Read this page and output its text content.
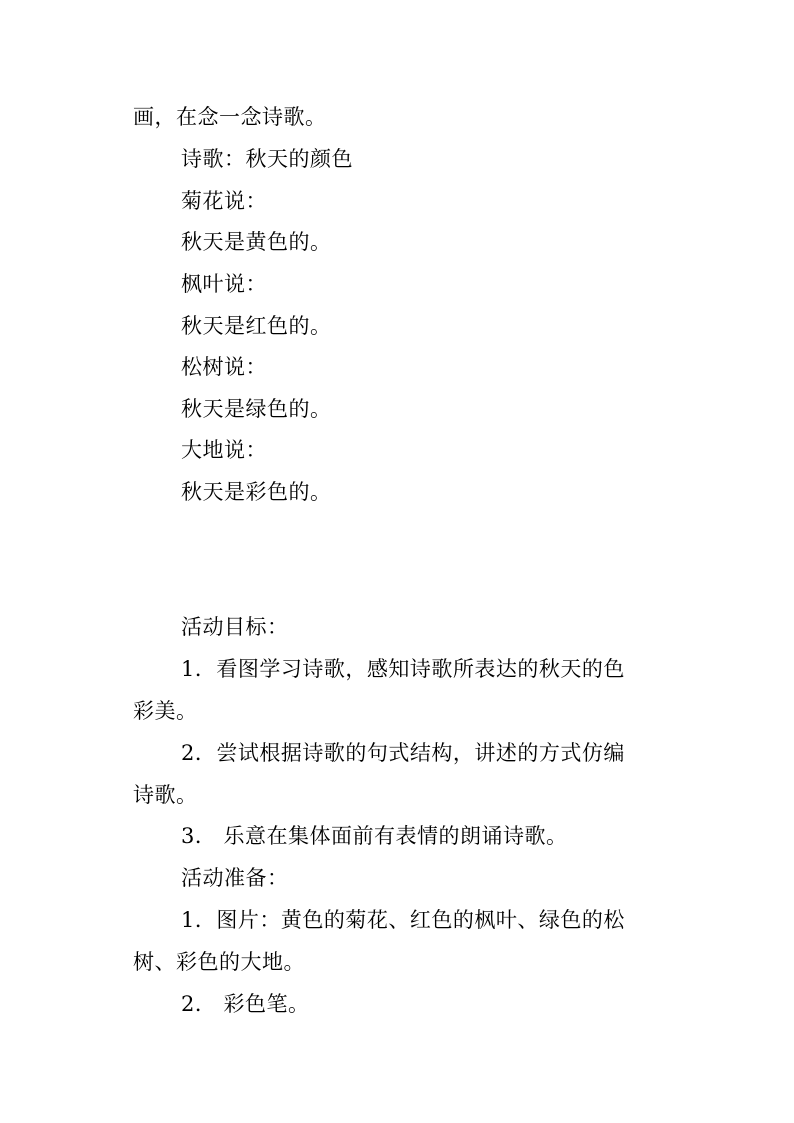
画，在念一念诗歌。
诗歌：秋天的颜色
菊花说：
秋天是黄色的。
枫叶说：
秋天是红色的。
松树说：
秋天是绿色的。
大地说：
秋天是彩色的。
活动目标：
1．看图学习诗歌，感知诗歌所表达的秋天的色
彩美。
2．尝试根据诗歌的句式结构，讲述的方式仿编
诗歌。
3． 乐意在集体面前有表情的朗诵诗歌。
活动准备：
1．图片：黄色的菊花、红色的枫叶、绿色的松
树、彩色的大地。
2． 彩色笔。
